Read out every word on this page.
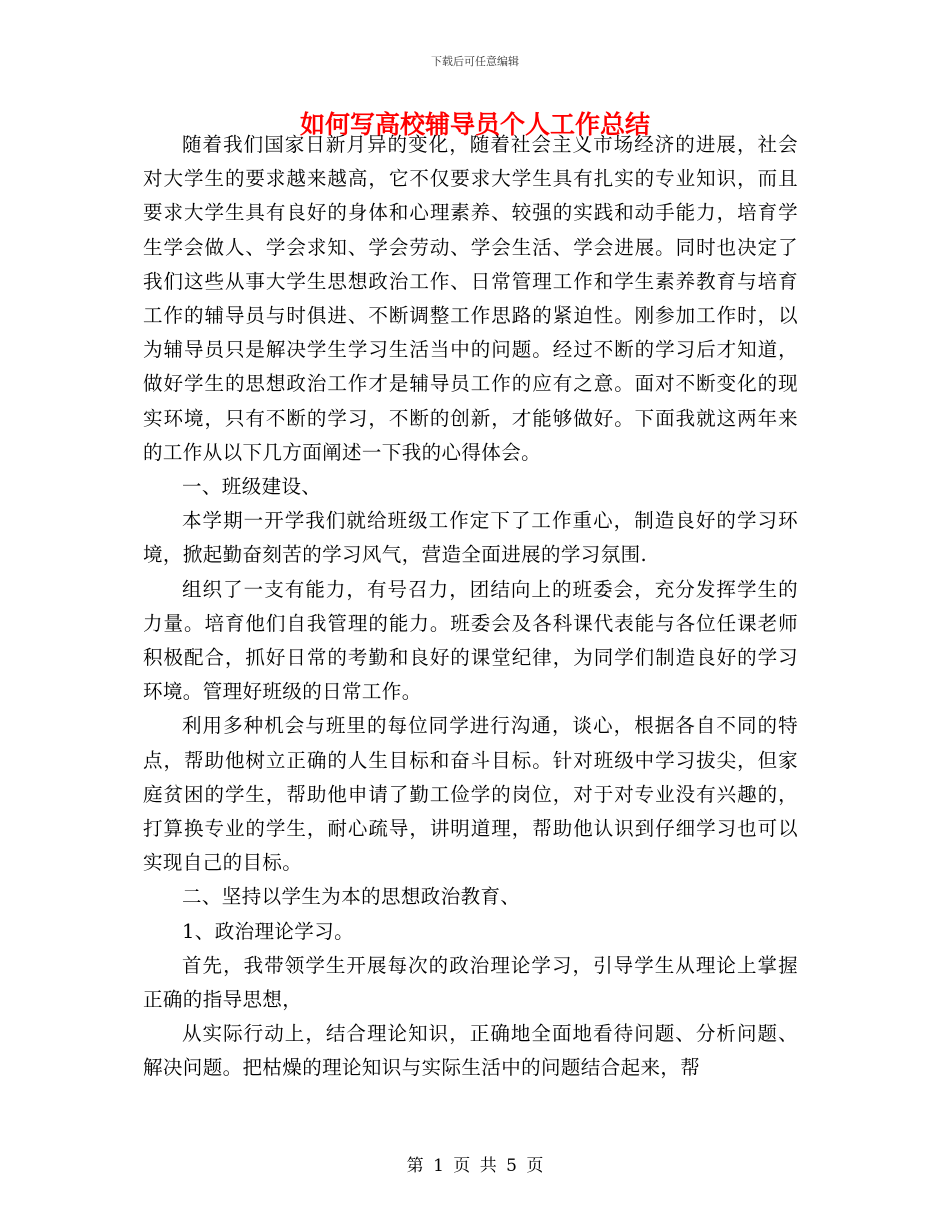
下载后可任意编辑
如何写高校辅导员个人工作总结

随着我们国家日新月异的变化，随着社会主义市场经济的进展，社会对大学生的要求越来越高，它不仅要求大学生具有扎实的专业知识，而且要求大学生具有良好的身体和心理素养、较强的实践和动手能力，培育学生学会做人、学会求知、学会劳动、学会生活、学会进展。同时也决定了我们这些从事大学生思想政治工作、日常管理工作和学生素养教育与培育工作的辅导员与时俱进、不断调整工作思路的紧迫性。刚参加工作时，以为辅导员只是解决学生学习生活当中的问题。经过不断的学习后才知道，做好学生的思想政治工作才是辅导员工作的应有之意。面对不断变化的现实环境，只有不断的学习，不断的创新，才能够做好。下面我就这两年来的工作从以下几方面阐述一下我的心得体会。

一、班级建设、

本学期一开学我们就给班级工作定下了工作重心，制造良好的学习环境，掀起勤奋刻苦的学习风气，营造全面进展的学习氛围.

组织了一支有能力，有号召力，团结向上的班委会，充分发挥学生的力量。培育他们自我管理的能力。班委会及各科课代表能与各位任课老师积极配合，抓好日常的考勤和良好的课堂纪律，为同学们制造良好的学习环境。管理好班级的日常工作。

利用多种机会与班里的每位同学进行沟通，谈心，根据各自不同的特点，帮助他树立正确的人生目标和奋斗目标。针对班级中学习拔尖，但家庭贫困的学生，帮助他申请了勤工俭学的岗位，对于对专业没有兴趣的，打算换专业的学生，耐心疏导，讲明道理，帮助他认识到仔细学习也可以实现自己的目标。

二、坚持以学生为本的思想政治教育、

1、政治理论学习。

首先，我带领学生开展每次的政治理论学习，引导学生从理论上掌握正确的指导思想，

从实际行动上，结合理论知识，正确地全面地看待问题、分析问题、解决问题。把枯燥的理论知识与实际生活中的问题结合起来，帮

第 1 页 共 5 页
